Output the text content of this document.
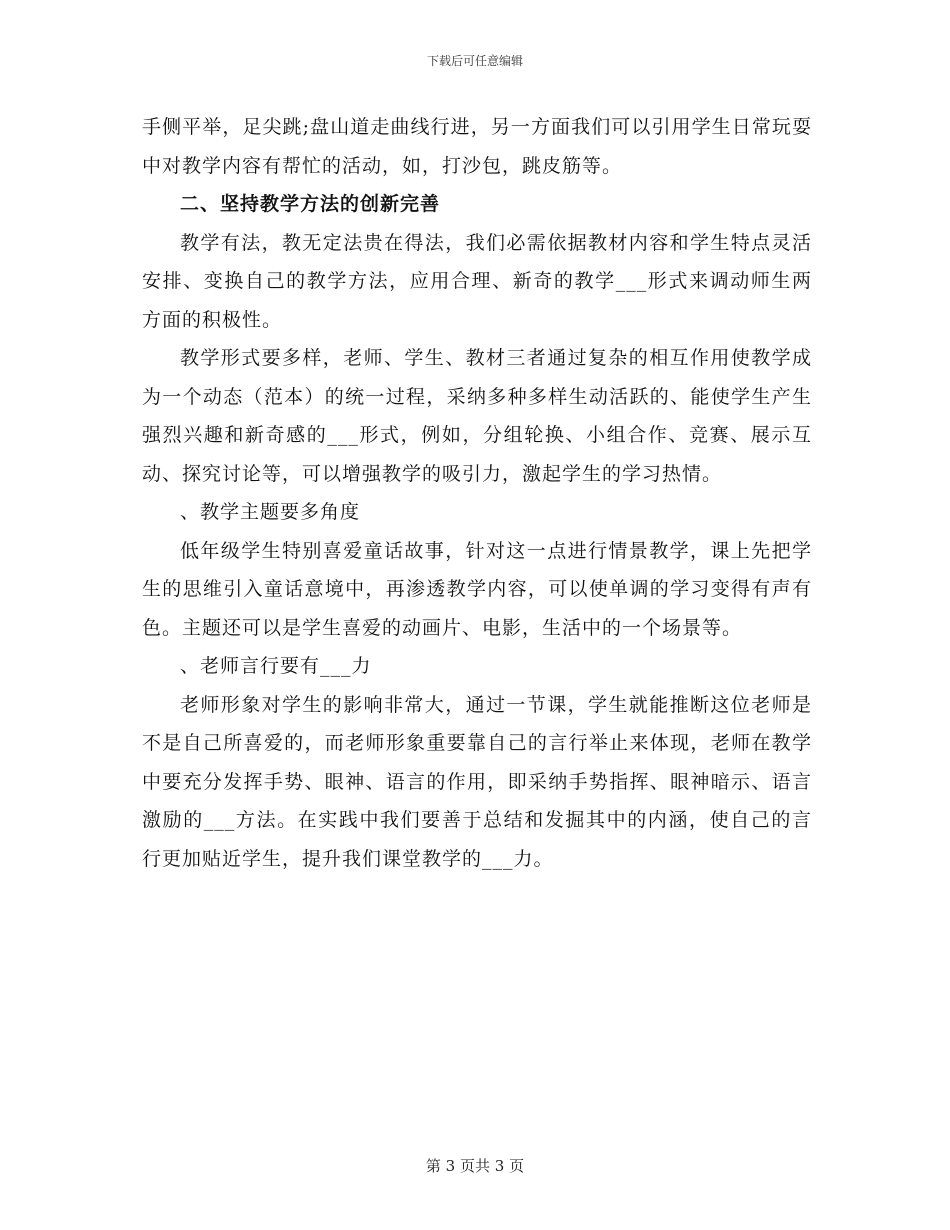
下载后可任意编辑

手侧平举，足尖跳;盘山道走曲线行进，另一方面我们可以引用学生日常玩耍中对教学内容有帮忙的活动，如，打沙包，跳皮筋等。

二、坚持教学方法的创新完善

教学有法，教无定法贵在得法，我们必需依据教材内容和学生特点灵活安排、变换自己的教学方法，应用合理、新奇的教学___形式来调动师生两方面的积极性。

教学形式要多样，老师、学生、教材三者通过复杂的相互作用使教学成为一个动态（范本）的统一过程，采纳多种多样生动活跃的、能使学生产生强烈兴趣和新奇感的___形式，例如，分组轮换、小组合作、竞赛、展示互动、探究讨论等，可以增强教学的吸引力，激起学生的学习热情。

、教学主题要多角度

低年级学生特别喜爱童话故事，针对这一点进行情景教学，课上先把学生的思维引入童话意境中，再渗透教学内容，可以使单调的学习变得有声有色。主题还可以是学生喜爱的动画片、电影，生活中的一个场景等。

、老师言行要有___力

老师形象对学生的影响非常大，通过一节课，学生就能推断这位老师是不是自己所喜爱的，而老师形象重要靠自己的言行举止来体现，老师在教学中要充分发挥手势、眼神、语言的作用，即采纳手势指挥、眼神暗示、语言激励的___方法。在实践中我们要善于总结和发掘其中的内涵，使自己的言行更加贴近学生，提升我们课堂教学的___力。

第 3 页共 3 页
